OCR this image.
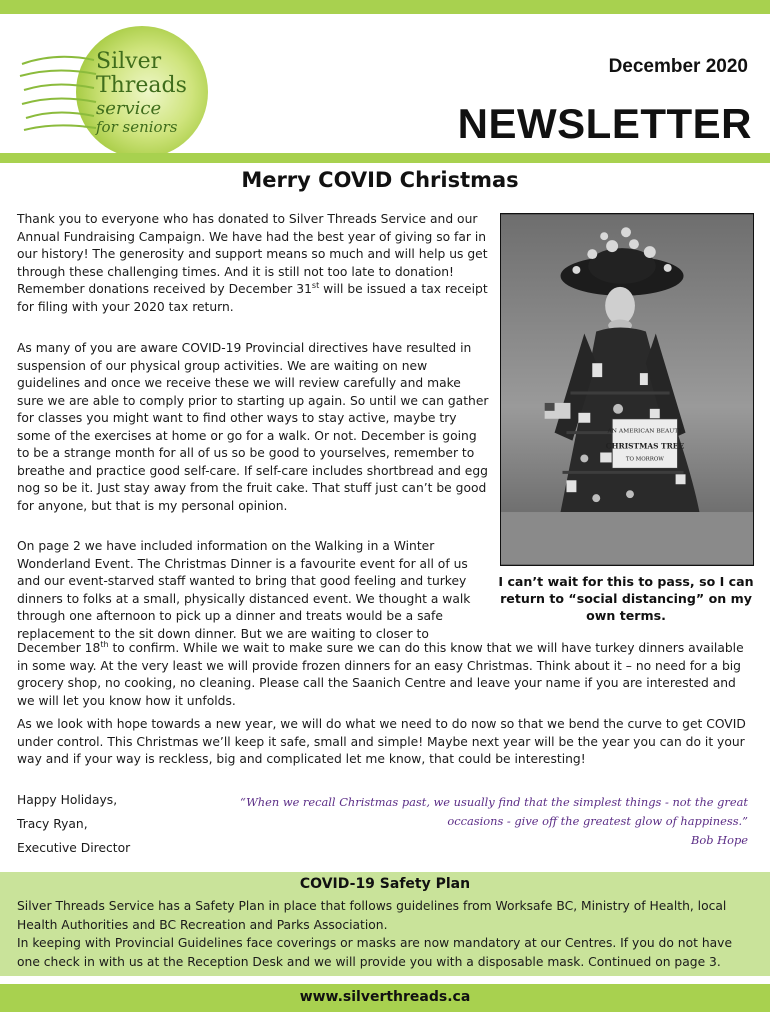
Silver
Threads
service
for seniors
December 2020
NEWSLETTER
Merry COVID Christmas

Thank you to everyone who has donated to Silver Threads Service and our Annual Fundraising Campaign. We have had the best year of giving so far in our history! The generosity and support means so much and will help us get through these challenging times. And it is still not too late to donation! Remember donations received by December 31st will be issued a tax receipt for filing with your 2020 tax return.

As many of you are aware COVID-19 Provincial directives have resulted in suspension of our physical group activities. We are waiting on new guidelines and once we receive these we will review carefully and make sure we are able to comply prior to starting up again. So until we can gather for classes you might want to find other ways to stay active, maybe try some of the exercises at home or go for a walk. Or not. December is going to be a strange month for all of us so be good to yourselves, remember to breathe and practice good self-care. If self-care includes shortbread and egg nog so be it. Just stay away from the fruit cake. That stuff just can’t be good for anyone, but that is my personal opinion.

On page 2 we have included information on the Walking in a Winter Wonderland Event. The Christmas Dinner is a favourite event for all of us and our event-starved staff wanted to bring that good feeling and turkey dinners to folks at a small, physically distanced event. We thought a walk through one afternoon to pick up a dinner and treats would be a safe replacement to the sit down dinner. But we are waiting to closer to

December 18th to confirm. While we wait to make sure we can do this know that we will have turkey dinners available in some way. At the very least we will provide frozen dinners for an easy Christmas. Think about it – no need for a big grocery shop, no cooking, no cleaning. Please call the Saanich Centre and leave your name if you are interested and we will let you know how it unfolds.

As we look with hope towards a new year, we will do what we need to do now so that we bend the curve to get COVID under control. This Christmas we’ll keep it safe, small and simple! Maybe next year will be the year you can do it your way and if your way is reckless, big and complicated let me know, that could be interesting!

AN AMERICAN BEAUTY
CHRISTMAS TREE
TO MORROW
I can’t wait for this to pass, so I can return to “social distancing” on my own terms.
Happy Holidays,
Tracy Ryan,
Executive Director
“When we recall Christmas past, we usually find that the simplest things - not the great occasions - give off the greatest glow of happiness.”
Bob Hope
COVID-19 Safety Plan

Silver Threads Service has a Safety Plan in place that follows guidelines from Worksafe BC, Ministry of Health, local Health Authorities and BC Recreation and Parks Association.

In keeping with Provincial Guidelines face coverings or masks are now mandatory at our Centres. If you do not have one check in with us at the Reception Desk and we will provide you with a disposable mask. Continued on page 3.

www.silverthreads.ca
